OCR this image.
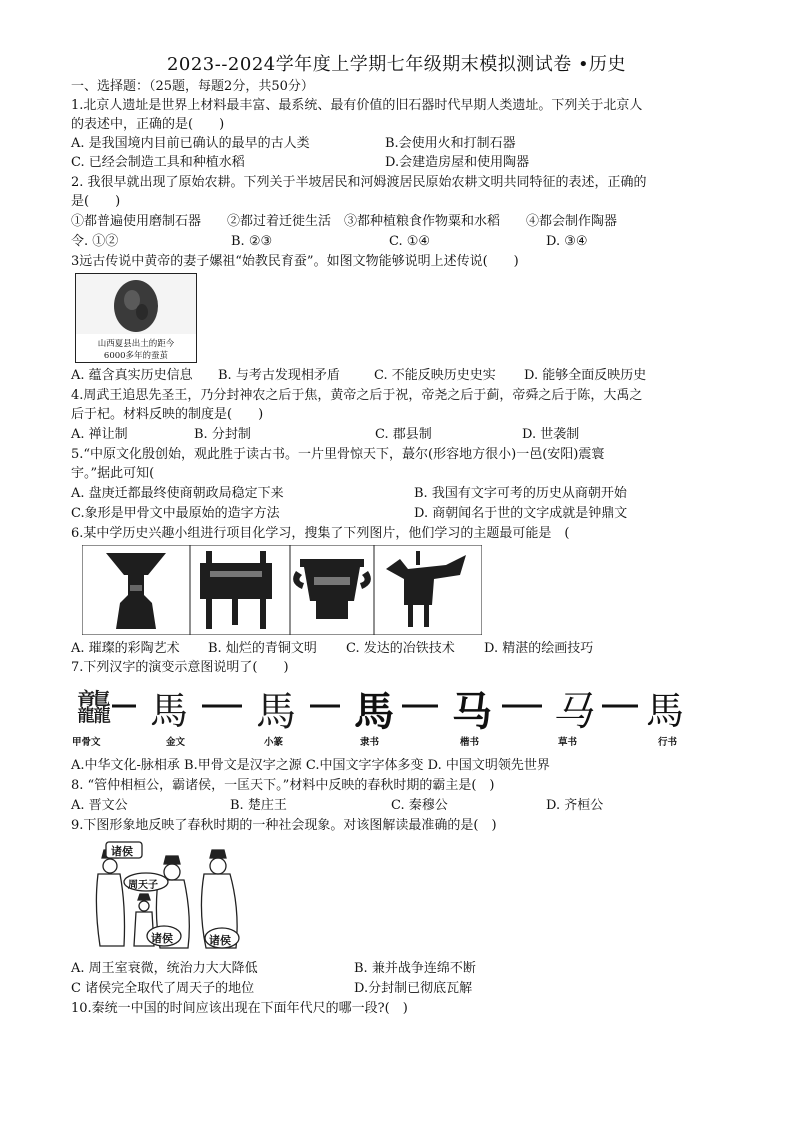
2023--2024学年度上学期七年级期末模拟测试卷 •历史
一、选择题：（25题，每题2分，共50分）
1.北京人遗址是世界上材料最丰富、最系统、最有价值的旧石器时代早期人类遗址。下列关于北京人
的表述中，正确的是(　　)
A. 是我国境内目前已确认的最早的古人类	B.会使用火和打制石器
C. 已经会制造工具和种植水稻	D.会建造房屋和使用陶器
2. 我很早就出现了原始农耕。下列关于半坡居民和河姆渡居民原始农耕文明共同特征的表述，正确的
是(　　)
①都普遍使用磨制石器　　②都过着迁徙生活　③都种植粮食作物粟和水稻　　④都会制作陶器
令. ①②	B. ②③	C. ①④	D. ③④
3远古传说中黄帝的妻子嫘祖“始教民育蚕”。如图文物能够说明上述传说(　　)
山西夏县出土的距今
6000多年的蚕茧
A. 蕴含真实历史信息 B. 与考古发现相矛盾	C. 不能反映历史史实 D. 能够全面反映历史
4.周武王追思先圣王，乃分封神农之后于焦，黄帝之后于祝，帝尧之后于蓟，帝舜之后于陈，大禹之
后于杞。材料反映的制度是(　　)
A. 禅让制	B. 分封制	C. 郡县制	D. 世袭制
5.“中原文化殷创始，观此胜于读古书。一片里骨惊天下，蕞尔(形容地方很小)一邑(安阳)震寰
宇。”据此可知(
A. 盘庚迁都最终使商朝政局稳定下来	B. 我国有文字可考的历史从商朝开始
C.象形是甲骨文中最原始的造字方法	D. 商朝闻名于世的文字成就是钟鼎文
6.某中学历史兴趣小组进行项目化学习，搜集了下列图片，他们学习的主题最可能是　(
A. 璀璨的彩陶艺术 B. 灿烂的青铜文明 C. 发达的冶铁技术 D. 精湛的绘画技巧
7.下列汉字的演变示意图说明了(　　)
龘 馬 馬 馬 马 马 馬
甲骨文	金文	小篆	隶书	楷书	草书	行书
A.中华文化-脉相承 B.甲骨文是汉字之源 C.中国文字字体多变 D. 中国文明领先世界
8. “管仲相桓公，霸诸侯，一匡天下。”材料中反映的春秋时期的霸主是(　)
A. 晋文公	B. 楚庄王	C. 秦穆公	D. 齐桓公
9.下图形象地反映了春秋时期的一种社会现象。对该图解读最准确的是(　)
诸侯
周天子
诸侯	诸侯
A. 周王室衰微，统治力大大降低	B. 兼并战争连绵不断
C 诸侯完全取代了周天子的地位	D.分封制已彻底瓦解
10.秦统一中国的时间应该出现在下面年代尺的哪一段?(　)
